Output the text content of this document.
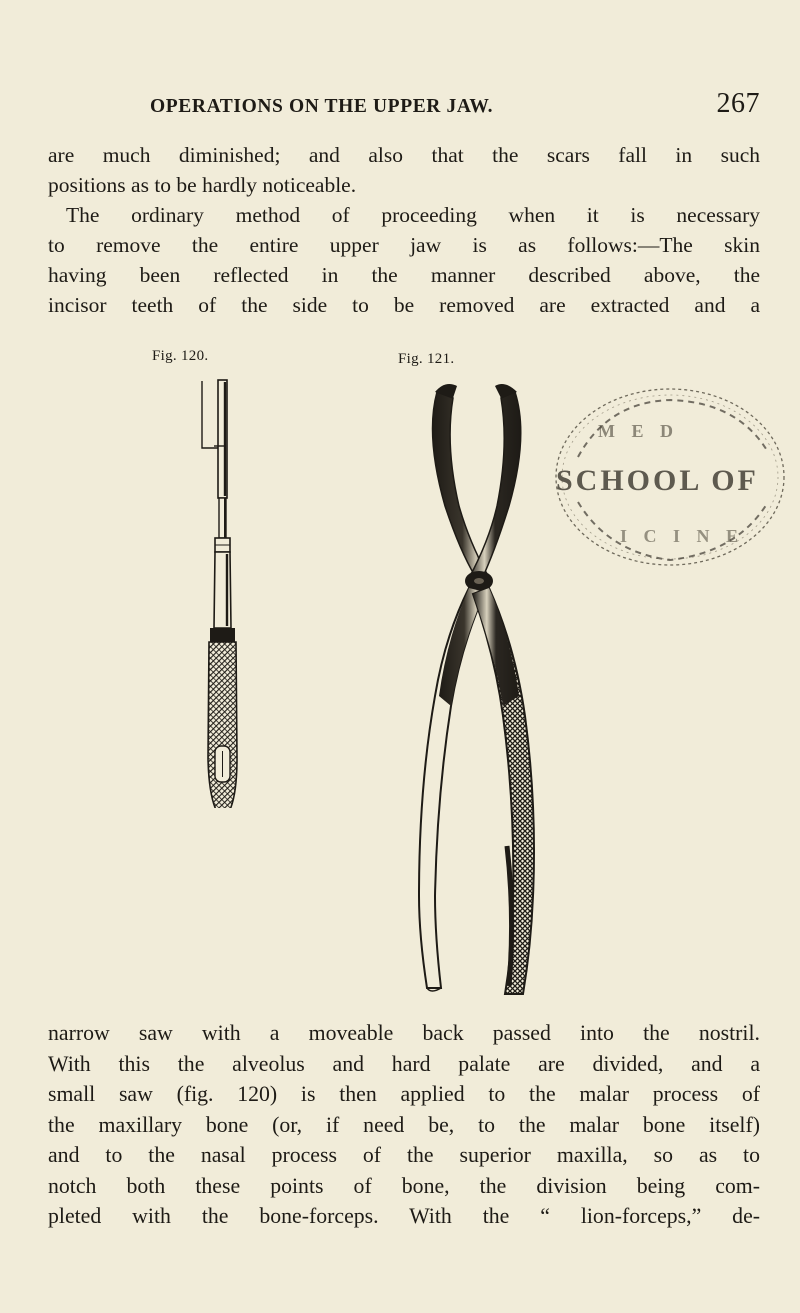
OPERATIONS ON THE UPPER JAW.	267
are much diminished; and also that the scars fall in such
positions as to be hardly noticeable.
The ordinary method of proceeding when it is necessary
to remove the entire upper jaw is as follows:—The skin
having been reflected in the manner described above, the
incisor teeth of the side to be removed are extracted and a
Fig. 120.	Fig. 121.
SCHOOL OF
M E D
I C I N E
narrow saw with a moveable back passed into the nostril.
With this the alveolus and hard palate are divided, and a
small saw (fig. 120) is then applied to the malar process of
the maxillary bone (or, if need be, to the malar bone itself)
and to the nasal process of the superior maxilla, so as to
notch both these points of bone, the division being com-
pleted with the bone-forceps. With the “ lion-forceps,” de-
